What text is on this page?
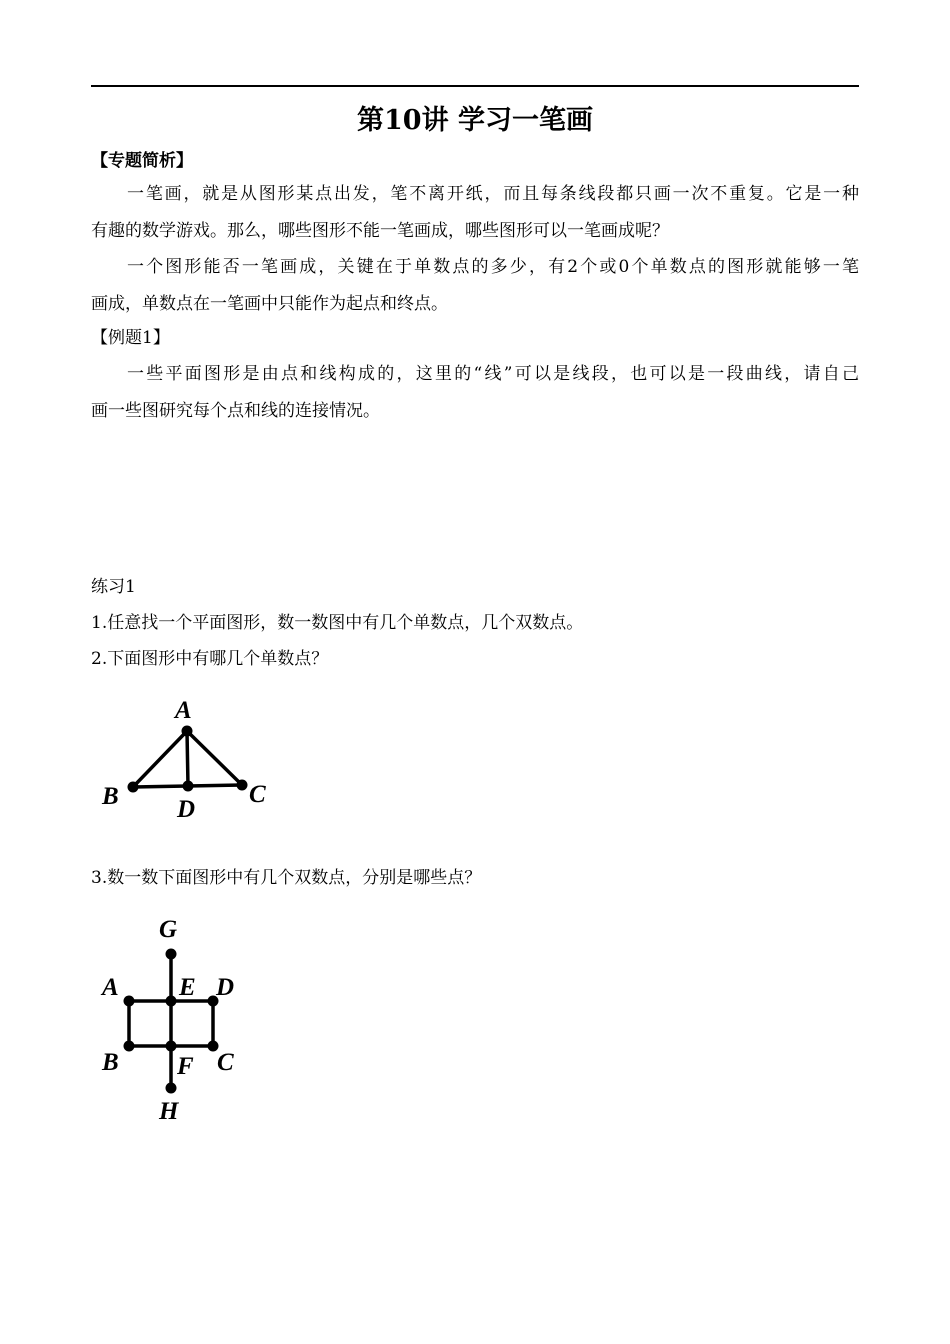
第10讲 学习一笔画
【专题简析】
一笔画，就是从图形某点出发，笔不离开纸，而且每条线段都只画一次不重复。它是一种
有趣的数学游戏。那么，哪些图形不能一笔画成，哪些图形可以一笔画成呢？
一个图形能否一笔画成，关键在于单数点的多少，有2个或0个单数点的图形就能够一笔
画成，单数点在一笔画中只能作为起点和终点。
【例题1】
一些平面图形是由点和线构成的，这里的“线”可以是线段，也可以是一段曲线，请自己
画一些图研究每个点和线的连接情况。
练习1
1.任意找一个平面图形，数一数图中有几个单数点，几个双数点。
2.下面图形中有哪几个单数点？
A
B	C
D
3.数一数下面图形中有几个双数点，分别是哪些点？
G
A E D
B F C
H
